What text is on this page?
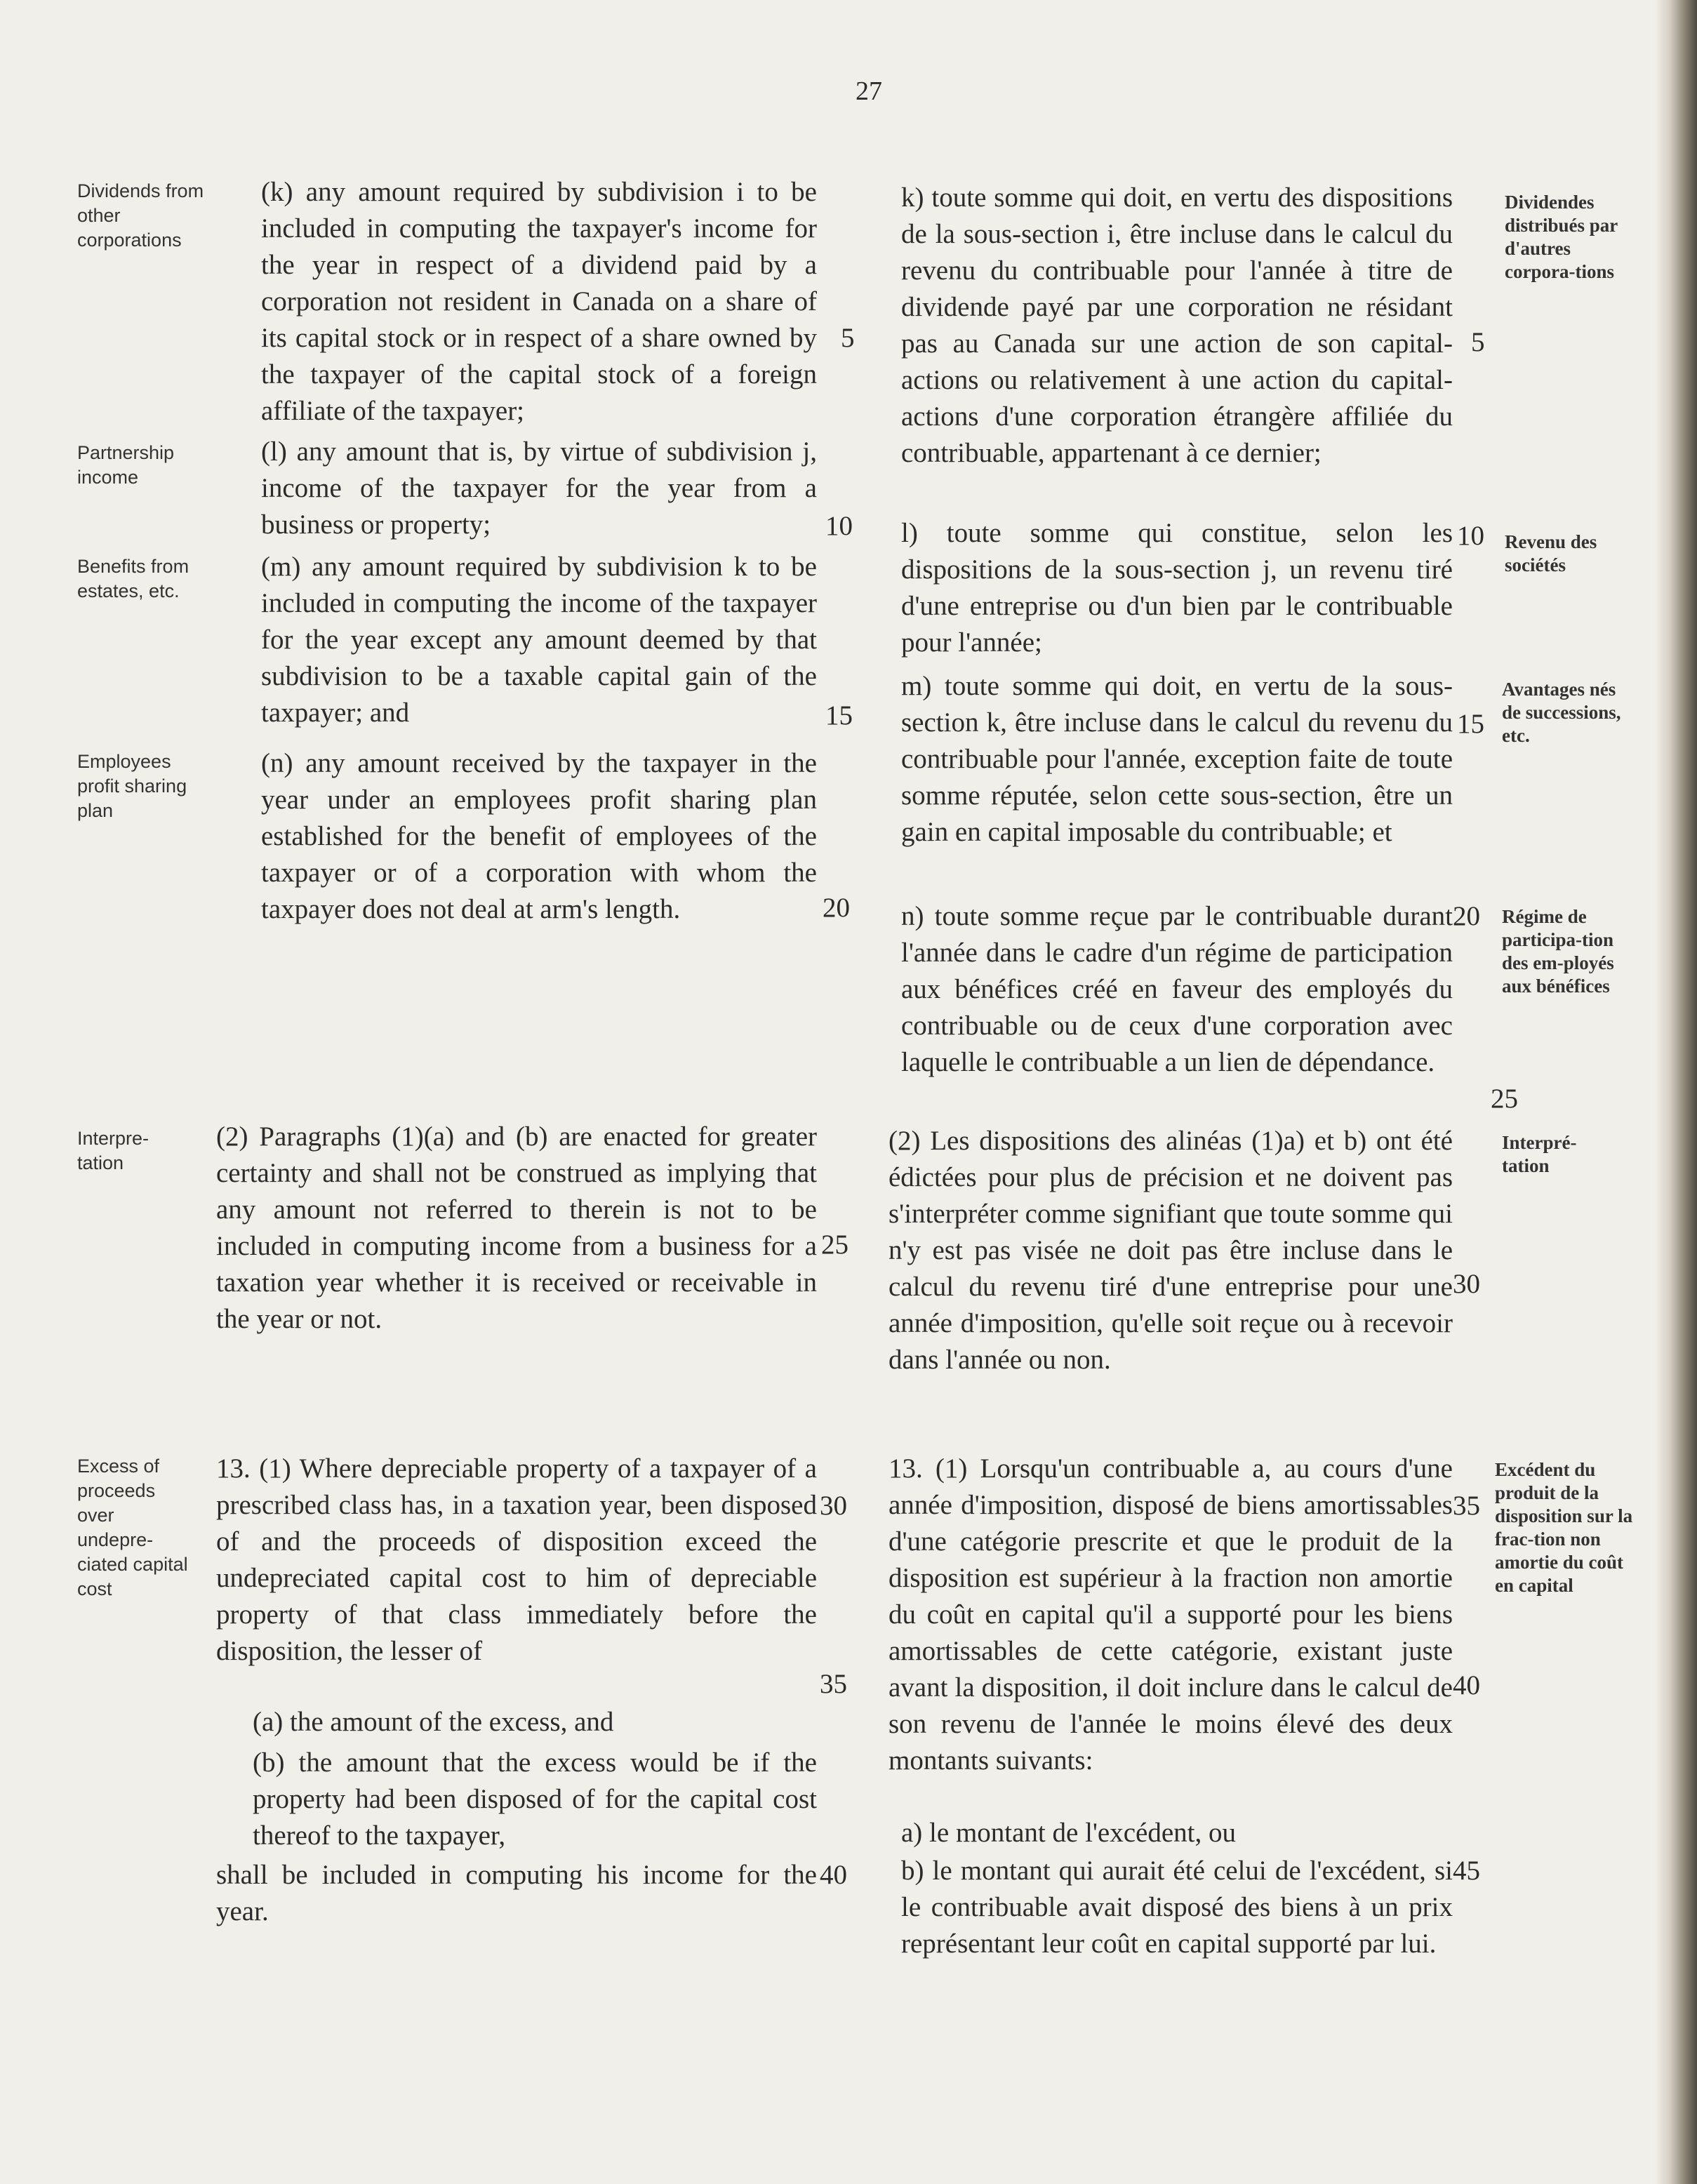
27

Dividends from other corporations

Partnership income

Benefits from estates, etc.

Employees profit sharing plan

Interpre-tation

Excess of proceeds over undepre-ciated capital cost

(k) any amount required by subdivision i to be included in computing the taxpayer's income for the year in respect of a dividend paid by a corporation not resident in Canada on a share of its capital stock or in respect of a share owned by the taxpayer of the capital stock of a foreign affiliate of the taxpayer;

(l) any amount that is, by virtue of subdivision j, income of the taxpayer for the year from a business or property;

(m) any amount required by subdivision k to be included in computing the income of the taxpayer for the year except any amount deemed by that subdivision to be a taxable capital gain of the taxpayer; and

(n) any amount received by the taxpayer in the year under an employees profit sharing plan established for the benefit of employees of the taxpayer or of a corporation with whom the taxpayer does not deal at arm's length.

(2) Paragraphs (1)(a) and (b) are enacted for greater certainty and shall not be construed as implying that any amount not referred to therein is not to be included in computing income from a business for a taxation year whether it is received or receivable in the year or not.

13. (1) Where depreciable property of a taxpayer of a prescribed class has, in a taxation year, been disposed of and the proceeds of disposition exceed the undepreciated capital cost to him of depreciable property of that class immediately before the disposition, the lesser of

(a) the amount of the excess, and

(b) the amount that the excess would be if the property had been disposed of for the capital cost thereof to the taxpayer,

shall be included in computing his income for the year.

5

10

15

20

25

30

35

40

k) toute somme qui doit, en vertu des dispositions de la sous-section i, être incluse dans le calcul du revenu du contribuable pour l'année à titre de dividende payé par une corporation ne résidant pas au Canada sur une action de son capital-actions ou relativement à une action du capital-actions d'une corporation étrangère affiliée du contribuable, appartenant à ce dernier;

l) toute somme qui constitue, selon les dispositions de la sous-section j, un revenu tiré d'une entreprise ou d'un bien par le contribuable pour l'année;

m) toute somme qui doit, en vertu de la sous-section k, être incluse dans le calcul du revenu du contribuable pour l'année, exception faite de toute somme réputée, selon cette sous-section, être un gain en capital imposable du contribuable; et

n) toute somme reçue par le contribuable durant l'année dans le cadre d'un régime de participation aux bénéfices créé en faveur des employés du contribuable ou de ceux d'une corporation avec laquelle le contribuable a un lien de dépendance.

(2) Les dispositions des alinéas (1)a) et b) ont été édictées pour plus de précision et ne doivent pas s'interpréter comme signifiant que toute somme qui n'y est pas visée ne doit pas être incluse dans le calcul du revenu tiré d'une entreprise pour une année d'imposition, qu'elle soit reçue ou à recevoir dans l'année ou non.

13. (1) Lorsqu'un contribuable a, au cours d'une année d'imposition, disposé de biens amortissables d'une catégorie prescrite et que le produit de la disposition est supérieur à la fraction non amortie du coût en capital qu'il a supporté pour les biens amortissables de cette catégorie, existant juste avant la disposition, il doit inclure dans le calcul de son revenu de l'année le moins élevé des deux montants suivants:

a) le montant de l'excédent, ou

b) le montant qui aurait été celui de l'excédent, si le contribuable avait disposé des biens à un prix représentant leur coût en capital supporté par lui.

5

10

15

20

25

30

35

40

45

Dividendes distribués par d'autres corpora-tions

Revenu des sociétés

Avantages nés de successions, etc.

Régime de participa-tion des em-ployés aux bénéfices

Interpré-tation

Excédent du produit de la disposition sur la frac-tion non amortie du coût en capital
